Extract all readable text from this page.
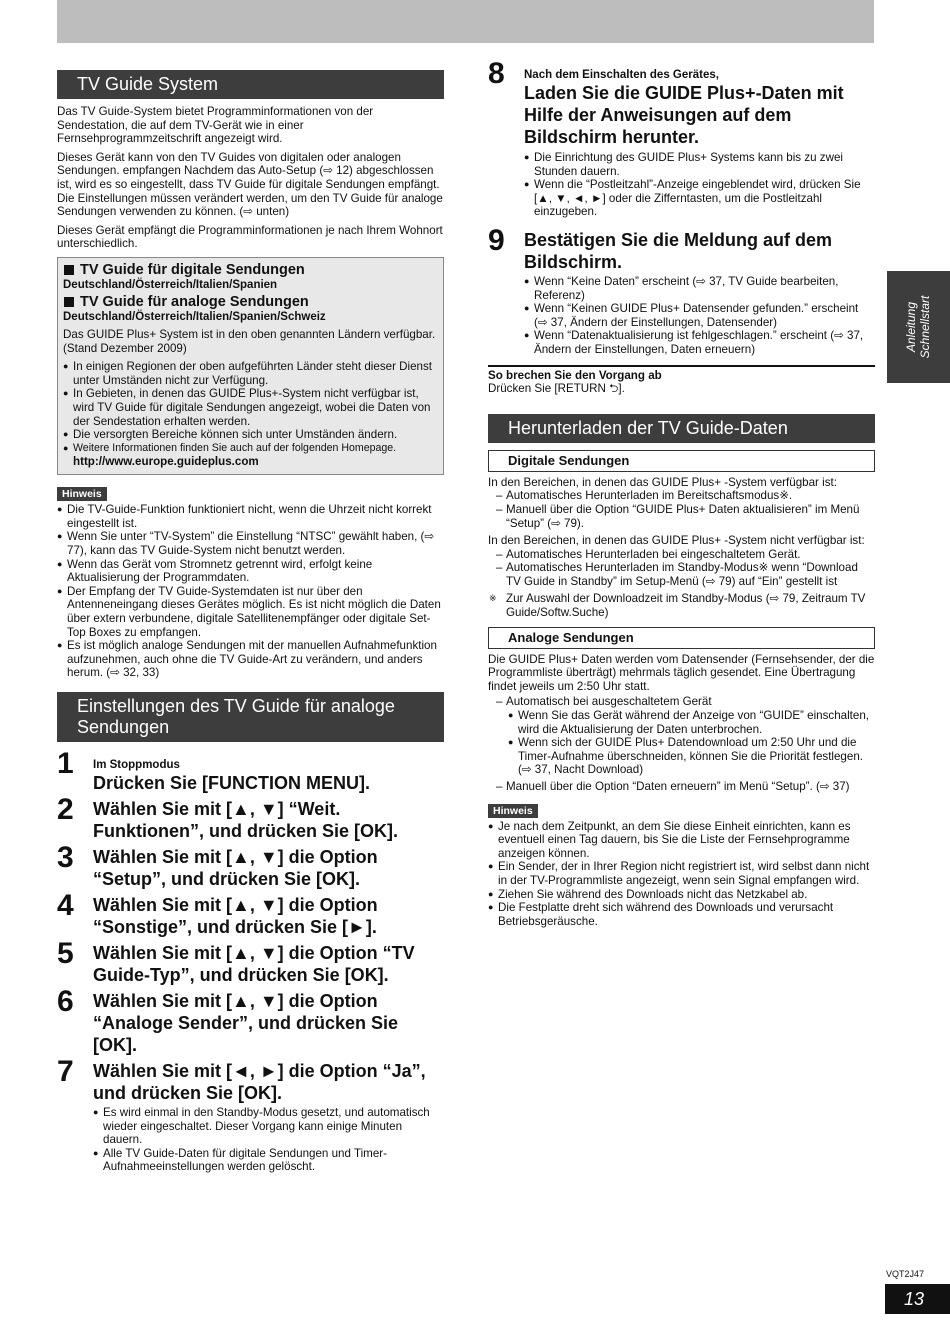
TV Guide System

Das TV Guide-System bietet Programminformationen von der Sendestation, die auf dem TV-Gerät wie in einer Fernsehprogrammzeitschrift angezeigt wird.

Dieses Gerät kann von den TV Guides von digitalen oder analogen Sendungen. empfangen Nachdem das Auto-Setup (⇨ 12) abgeschlossen ist, wird es so eingestellt, dass TV Guide für digitale Sendungen empfängt. Die Einstellungen müssen verändert werden, um den TV Guide für analoge Sendungen verwenden zu können. (⇨ unten)

Dieses Gerät empfängt die Programminformationen je nach Ihrem Wohnort unterschiedlich.

TV Guide für digitale Sendungen
Deutschland/Österreich/Italien/Spanien
TV Guide für analoge Sendungen
Deutschland/Österreich/Italien/Spanien/Schweiz

Das GUIDE Plus+ System ist in den oben genannten Ländern verfügbar.

(Stand Dezember 2009)

● In einigen Regionen der oben aufgeführten Länder steht dieser Dienst unter Umständen nicht zur Verfügung.
● In Gebieten, in denen das GUIDE Plus+-System nicht verfügbar ist, wird TV Guide für digitale Sendungen angezeigt, wobei die Daten von der Sendestation erhalten werden.
● Die versorgten Bereiche können sich unter Umständen ändern.
● Weitere Informationen finden Sie auch auf der folgenden Homepage.
http://www.europe.guideplus.com
Hinweis
● Die TV-Guide-Funktion funktioniert nicht, wenn die Uhrzeit nicht korrekt eingestellt ist.
● Wenn Sie unter “TV-System” die Einstellung “NTSC” gewählt haben, (⇨ 77), kann das TV Guide-System nicht benutzt werden.
● Wenn das Gerät vom Stromnetz getrennt wird, erfolgt keine Aktualisierung der Programmdaten.
● Der Empfang der TV Guide-Systemdaten ist nur über den Antenneneingang dieses Gerätes möglich. Es ist nicht möglich die Daten über extern verbundene, digitale Satellitenempfänger oder digitale Set-Top Boxes zu empfangen.
● Es ist möglich analoge Sendungen mit der manuellen Aufnahmefunktion aufzunehmen, auch ohne die TV Guide-Art zu verändern, und anders herum. (⇨ 32, 33)
Einstellungen des TV Guide für analoge Sendungen
1 Im Stoppmodus
Drücken Sie [FUNCTION MENU].
2 Wählen Sie mit [▲, ▼] “Weit. Funktionen”, und drücken Sie [OK].
3 Wählen Sie mit [▲, ▼] die Option “Setup”, und drücken Sie [OK].
4 Wählen Sie mit [▲, ▼] die Option “Sonstige”, und drücken Sie [►].
5 Wählen Sie mit [▲, ▼] die Option “TV Guide-Typ”, und drücken Sie [OK].
6 Wählen Sie mit [▲, ▼] die Option “Analoge Sender”, und drücken Sie [OK].
7 Wählen Sie mit [◄, ►] die Option “Ja”, und drücken Sie [OK].
● Es wird einmal in den Standby-Modus gesetzt, und automatisch wieder eingeschaltet. Dieser Vorgang kann einige Minuten dauern.
● Alle TV Guide-Daten für digitale Sendungen und Timer-Aufnahmeeinstellungen werden gelöscht.
8 Nach dem Einschalten des Gerätes,
Laden Sie die GUIDE Plus+-Daten mit Hilfe der Anweisungen auf dem Bildschirm herunter.
● Die Einrichtung des GUIDE Plus+ Systems kann bis zu zwei Stunden dauern.
● Wenn die “Postleitzahl”-Anzeige eingeblendet wird, drücken Sie [▲, ▼, ◄, ►] oder die Zifferntasten, um die Postleitzahl einzugeben.
9 Bestätigen Sie die Meldung auf dem Bildschirm.
● Wenn “Keine Daten” erscheint (⇨ 37, TV Guide bearbeiten, Referenz)
● Wenn “Keinen GUIDE Plus+ Datensender gefunden.” erscheint (⇨ 37, Ändern der Einstellungen, Datensender)
● Wenn “Datenaktualisierung ist fehlgeschlagen.” erscheint (⇨ 37, Ändern der Einstellungen, Daten erneuern)
So brechen Sie den Vorgang ab
Drücken Sie [RETURN ⮌].
Herunterladen der TV Guide-Daten
Digitale Sendungen

In den Bereichen, in denen das GUIDE Plus+ -System verfügbar ist:

– Automatisches Herunterladen im Bereitschaftsmodus※.
– Manuell über die Option “GUIDE Plus+ Daten aktualisieren” im Menü “Setup” (⇨ 79).

In den Bereichen, in denen das GUIDE Plus+ -System nicht verfügbar ist:

– Automatisches Herunterladen bei eingeschaltetem Gerät.
– Automatisches Herunterladen im Standby-Modus※ wenn “Download TV Guide in Standby” im Setup-Menü (⇨ 79) auf “Ein” gestellt ist
※ Zur Auswahl der Downloadzeit im Standby-Modus (⇨ 79, Zeitraum TV Guide/Softw.Suche)
Analoge Sendungen

Die GUIDE Plus+ Daten werden vom Datensender (Fernsehsender, der die Programmliste überträgt) mehrmals täglich gesendet. Eine Übertragung findet jeweils um 2:50 Uhr statt.

– Automatisch bei ausgeschaltetem Gerät
● Wenn Sie das Gerät während der Anzeige von “GUIDE” einschalten, wird die Aktualisierung der Daten unterbrochen.
● Wenn sich der GUIDE Plus+ Datendownload um 2:50 Uhr und die Timer-Aufnahme überschneiden, können Sie die Priorität festlegen. (⇨ 37, Nacht Download)
– Manuell über die Option “Daten erneuern” im Menü “Setup”. (⇨ 37)
Hinweis
● Je nach dem Zeitpunkt, an dem Sie diese Einheit einrichten, kann es eventuell einen Tag dauern, bis Sie die Liste der Fernsehprogramme anzeigen können.
● Ein Sender, der in Ihrer Region nicht registriert ist, wird selbst dann nicht in der TV-Programmliste angezeigt, wenn sein Signal empfangen wird.
● Ziehen Sie während des Downloads nicht das Netzkabel ab.
● Die Festplatte dreht sich während des Downloads und verursacht Betriebsgeräusche.
Anleitung Schnellstart
VQT2J47
13
